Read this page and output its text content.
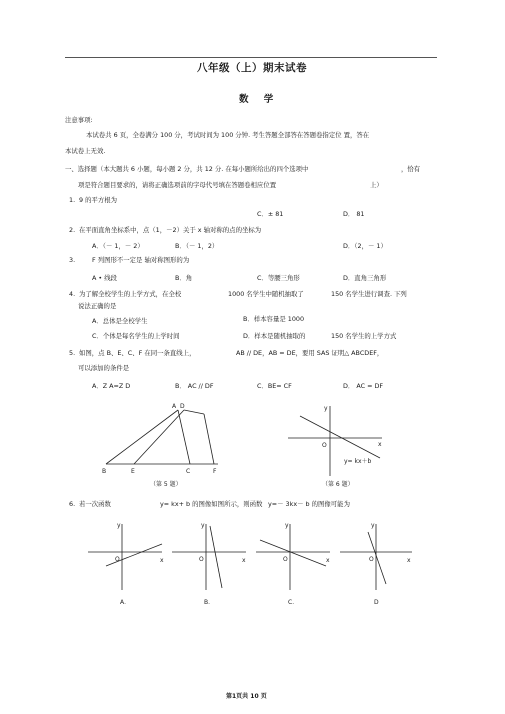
八年级（上）期末试卷
数 学
注意事项:
本试卷共 6 页，全卷满分 100 分，考试时间为 100 分钟. 考生答题全部答在答题卷指定位 置，答在
本试卷上无效.
一、选择题（本大题共 6 小题，每小题 2 分，共 12 分. 在每小题所给出的四个选项中	，恰有
项是符合题目要求的，请将正确选项前的字母代号填在答题卷相应位置	上）
1. 9 的平方根为
C．± 81	D． 81
2. 在平面直角坐标系中，点（1，－2）关于 x 轴对称的点的坐标为
A．（－ 1，－ 2）	B．（－ 1，2）	D．（2，－ 1）
3.	F 列图形不一定是 轴对称图形的为
A • 线段	B．角	C．等腰三角形	D．直角三角形
4. 为了解全校学生的上学方式，在全校	1000 名学生中随机抽取了	150 名学生进行调查. 下列
说法正确的是
A．总体是全校学生	B．样本容量是 1000
C．个体是每名学生的上学时间	D．样本是随机抽取的	150 名学生的上学方式
5. 如图，点 B、E、C、F 在同一条直线上，	AB // DE，AB = DE，要用 SAS 证明△ ABCDEF，
可以添加的条件是
A．Z A=Z D	B． AC // DF	C．BE= CF	D． AC = DF
A D
B	E	C	F
（第 5 题）
y
x
O
y= kx＋b
（第 6 题）
6. 若一次函数	y= kx+ b 的图像如图所示，则函数 y=－ 3kx－ b 的图像可能为
y
x
O
A．
y
x
O
B．
y
x
O
C．
y
x
O
D
第1页共 10 页
